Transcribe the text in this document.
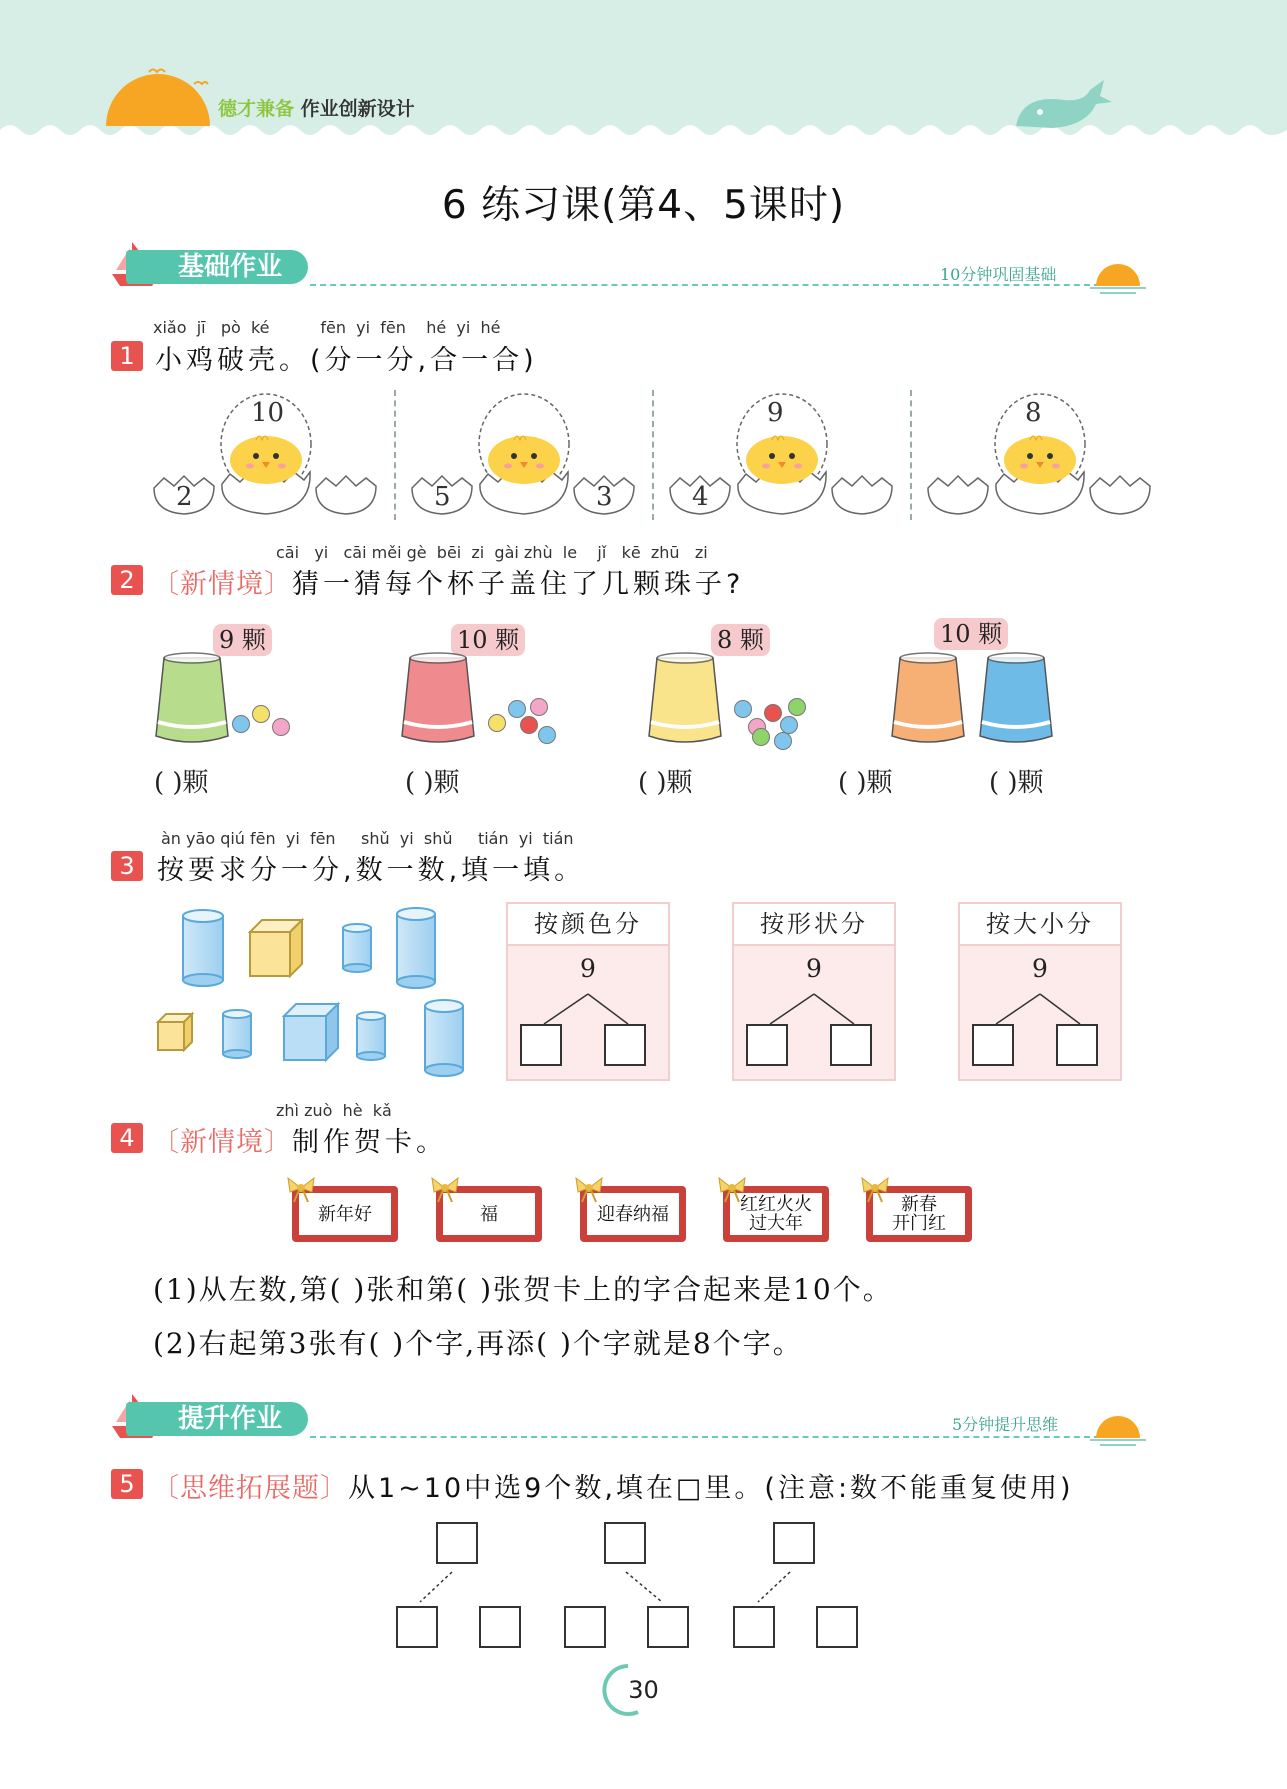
德才兼备 作业创新设计
6 练习课(第4、5课时)
基础作业	10分钟巩固基础
xiǎo jī pò ké	fēn yi fēn hé yi hé
1 小鸡破壳。(分一分,合一合)
10
2	5	3
9
4
8
cāi yi cāi měi gè bēi zi gài zhù le jǐ kē zhū zi
2 〔新情境〕猜一猜每个杯子盖住了几颗珠子?
9 颗	10 颗	8 颗	10 颗
( )颗	( )颗	( )颗	( )颗	( )颗
àn yāo qiú fēn yi fēn shǔ yi shǔ tián yi tián
3 按要求分一分,数一数,填一填。
按颜色分
9
按形状分
9
按大小分
9
zhì zuò hè kǎ
4 〔新情境〕制作贺卡。
新年好	福	迎春纳福	红红火火
过大年
新春
开门红
(1)从左数,第( )张和第( )张贺卡上的字合起来是10个。
(2)右起第3张有( )个字,再添( )个字就是8个字。
提升作业	5分钟提升思维
5 〔思维拓展题〕从1~10中选9个数,填在□里。(注意:数不能重复使用)
30
